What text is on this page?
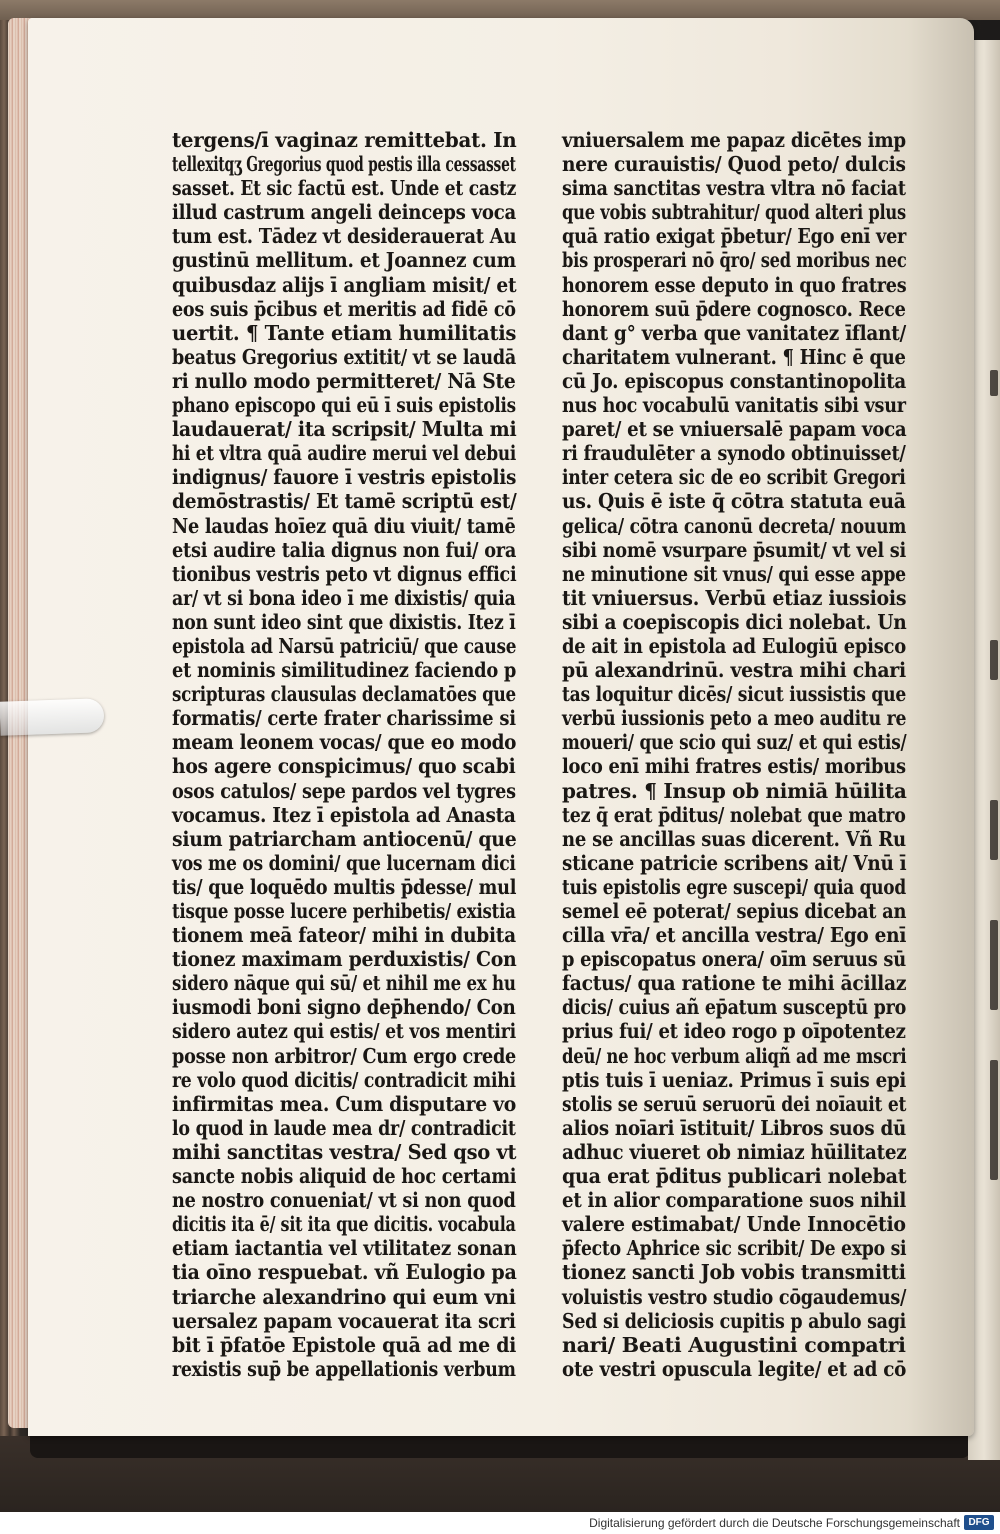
tergens/ī vaginaz remittebat. In
tellexitqʒ Gregorius quod pestis illa cessasset
sasset. Et sic factū est. Unde et castz
illud castrum angeli deinceps voca
tum est. Tādez vt desiderauerat Au
gustinū mellitum. et Joannez cum
quibusdaz alijs ī angliam misit/ et
eos suis p̄cibus et meritis ad fidē cō
uertit. ¶ Tante etiam humilitatis
beatus Gregorius extitit/ vt se laudā
ri nullo modo permitteret/ Nā Ste
phano episcopo qui eū ī suis epistolis
laudauerat/ ita scripsit/ Multa mi
hi et vltra quā audire merui vel debui
indignus/ fauore ī vestris epistolis
demōstrastis/ Et tamē scriptū est/
Ne laudas hoīez quā diu viuit/ tamē
etsi audire talia dignus non fui/ ora
tionibus vestris peto vt dignus effici
ar/ vt si bona ideo ī me dixistis/ quia
non sunt ideo sint que dixistis. Itez ī
epistola ad Narsū patriciū/ que cause
et nominis similitudinez faciendo p
scripturas clausulas declamatōes que
formatis/ certe frater charissime si
meam leonem vocas/ que eo modo
hos agere conspicimus/ quo scabi
osos catulos/ sepe pardos vel tygres
vocamus. Itez ī epistola ad Anasta
sium patriarcham antiocenū/ que
vos me os domini/ que lucernam dici
tis/ que loquēdo multis p̄desse/ mul
tisque posse lucere perhibetis/ existia
tionem meā fateor/ mihi in dubita
tionez maximam perduxistis/ Con
sidero nāque qui sū/ et nihil me ex hu
iusmodi boni signo dep̄hendo/ Con
sidero autez qui estis/ et vos mentiri
posse non arbitror/ Cum ergo crede
re volo quod dicitis/ contradicit mihi
infirmitas mea. Cum disputare vo
lo quod in laude mea dr/ contradicit
mihi sanctitas vestra/ Sed qso vt
sancte nobis aliquid de hoc certami
ne nostro conueniat/ vt si non quod
dicitis ita ē/ sit ita que dicitis. vocabula
etiam iactantia vel vtilitatez sonan
tia oīno respuebat. vñ Eulogio pa
triarche alexandrino qui eum vni
uersalez papam vocauerat ita scri
bit ī p̄fatōe Epistole quā ad me di
rexistis sup̄ be appellationis verbum
vniuersalem me papaz dicētes imp
nere curauistis/ Quod peto/ dulcis
sima sanctitas vestra vltra nō faciat
que vobis subtrahitur/ quod alteri plus
quā ratio exigat p̄betur/ Ego enī ver
bis prosperari nō q̄ro/ sed moribus nec
honorem esse deputo in quo fratres
honorem suū p̄dere cognosco. Rece
dant g° verba que vanitatez īflant/
charitatem vulnerant. ¶ Hinc ē que
cū Jo. episcopus constantinopolita
nus hoc vocabulū vanitatis sibi vsur
paret/ et se vniuersalē papam voca
ri fraudulēter a synodo obtinuisset/
inter cetera sic de eo scribit Gregori
us. Quis ē iste q̄ cōtra statuta euā
gelica/ cōtra canonū decreta/ nouum
sibi nomē vsurpare p̄sumit/ vt vel si
ne minutione sit vnus/ qui esse appe
tit vniuersus. Verbū etiaz iussiois
sibi a coepiscopis dici nolebat. Un
de ait in epistola ad Eulogiū episco
pū alexandrinū. vestra mihi chari
tas loquitur dicēs/ sicut iussistis que
verbū iussionis peto a meo auditu re
moueri/ que scio qui suz/ et qui estis/
loco enī mihi fratres estis/ moribus
patres. ¶ Insup ob nimiā hūilita
tez q̄ erat p̄ditus/ nolebat que matro
ne se ancillas suas dicerent. Vñ Ru
sticane patricie scribens ait/ Vnū ī
tuis epistolis egre suscepi/ quia quod
semel eē poterat/ sepius dicebat an
cilla vr̄a/ et ancilla vestra/ Ego enī
p episcopatus onera/ oīm seruus sū
factus/ qua ratione te mihi ācillaz
dicis/ cuius añ ep̄atum susceptū pro
prius fui/ et ideo rogo p oīpotentez
deū/ ne hoc verbum aliqñ ad me mscri
ptis tuis ī ueniaz. Primus ī suis epi
stolis se seruū seruorū dei noīauit et
alios noīari īstituit/ Libros suos dū
adhuc viueret ob nimiaz hūilitatez
qua erat p̄ditus publicari nolebat
et in alior comparatione suos nihil
valere estimabat/ Unde Innocētio
p̄fecto Aphrice sic scribit/ De expo si
tionez sancti Job vobis transmitti
voluistis vestro studio cōgaudemus/
Sed si deliciosis cupitis p abulo sagi
nari/ Beati Augustini compatri
ote vestri opuscula legite/ et ad cō
Digitalisierung gefördert durch die Deutsche Forschungsgemeinschaft DFG
